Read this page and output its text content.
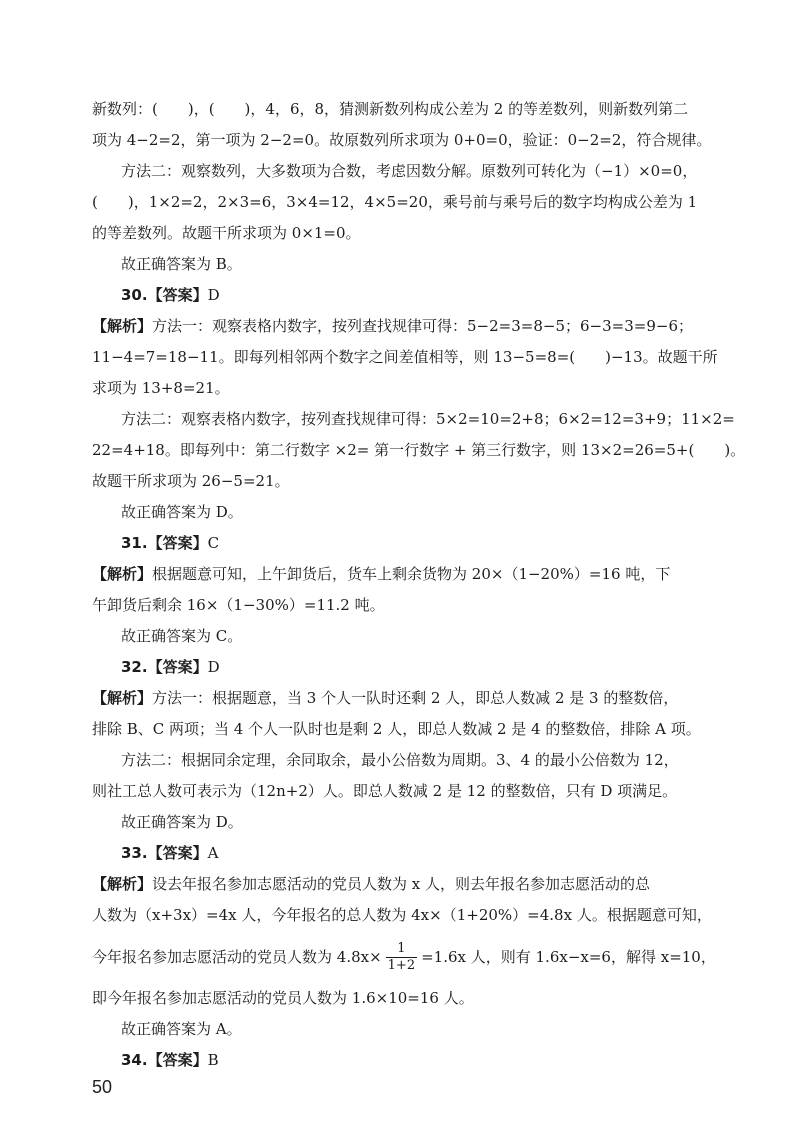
新数列：(　　)，(　　)，4，6，8，猜测新数列构成公差为 2 的等差数列，则新数列第二

项为 4−2=2，第一项为 2−2=0。故原数列所求项为 0+0=0，验证：0−2=2，符合规律。

方法二：观察数列，大多数项为合数，考虑因数分解。原数列可转化为（−1）×0=0，

(　　)，1×2=2，2×3=6，3×4=12，4×5=20，乘号前与乘号后的数字均构成公差为 1

的等差数列。故题干所求项为 0×1=0。

故正确答案为 B。

30.【答案】D

【解析】方法一：观察表格内数字，按列查找规律可得：5−2=3=8−5；6−3=3=9−6；

11−4=7=18−11。即每列相邻两个数字之间差值相等，则 13−5=8=(　　)−13。故题干所

求项为 13+8=21。

方法二：观察表格内数字，按列查找规律可得：5×2=10=2+8；6×2=12=3+9；11×2=

22=4+18。即每列中：第二行数字 ×2= 第一行数字 + 第三行数字，则 13×2=26=5+(　　)。

故题干所求项为 26−5=21。

故正确答案为 D。

31.【答案】C

【解析】根据题意可知，上午卸货后，货车上剩余货物为 20×（1−20%）=16 吨，下

午卸货后剩余 16×（1−30%）=11.2 吨。

故正确答案为 C。

32.【答案】D

【解析】方法一：根据题意，当 3 个人一队时还剩 2 人，即总人数减 2 是 3 的整数倍，

排除 B、C 两项；当 4 个人一队时也是剩 2 人，即总人数减 2 是 4 的整数倍，排除 A 项。

方法二：根据同余定理，余同取余，最小公倍数为周期。3、4 的最小公倍数为 12，

则社工总人数可表示为（12n+2）人。即总人数减 2 是 12 的整数倍，只有 D 项满足。

故正确答案为 D。

33.【答案】A

【解析】设去年报名参加志愿活动的党员人数为 x 人，则去年报名参加志愿活动的总

人数为（x+3x）=4x 人，今年报名的总人数为 4x×（1+20%）=4.8x 人。根据题意可知，

今年报名参加志愿活动的党员人数为 $4.8x\times \frac{1}{1+2} =1.6x$ 人，则有 1.6x−x=6，解得 x=10，

即今年报名参加志愿活动的党员人数为 1.6×10=16 人。

故正确答案为 A。

34.【答案】B

50
